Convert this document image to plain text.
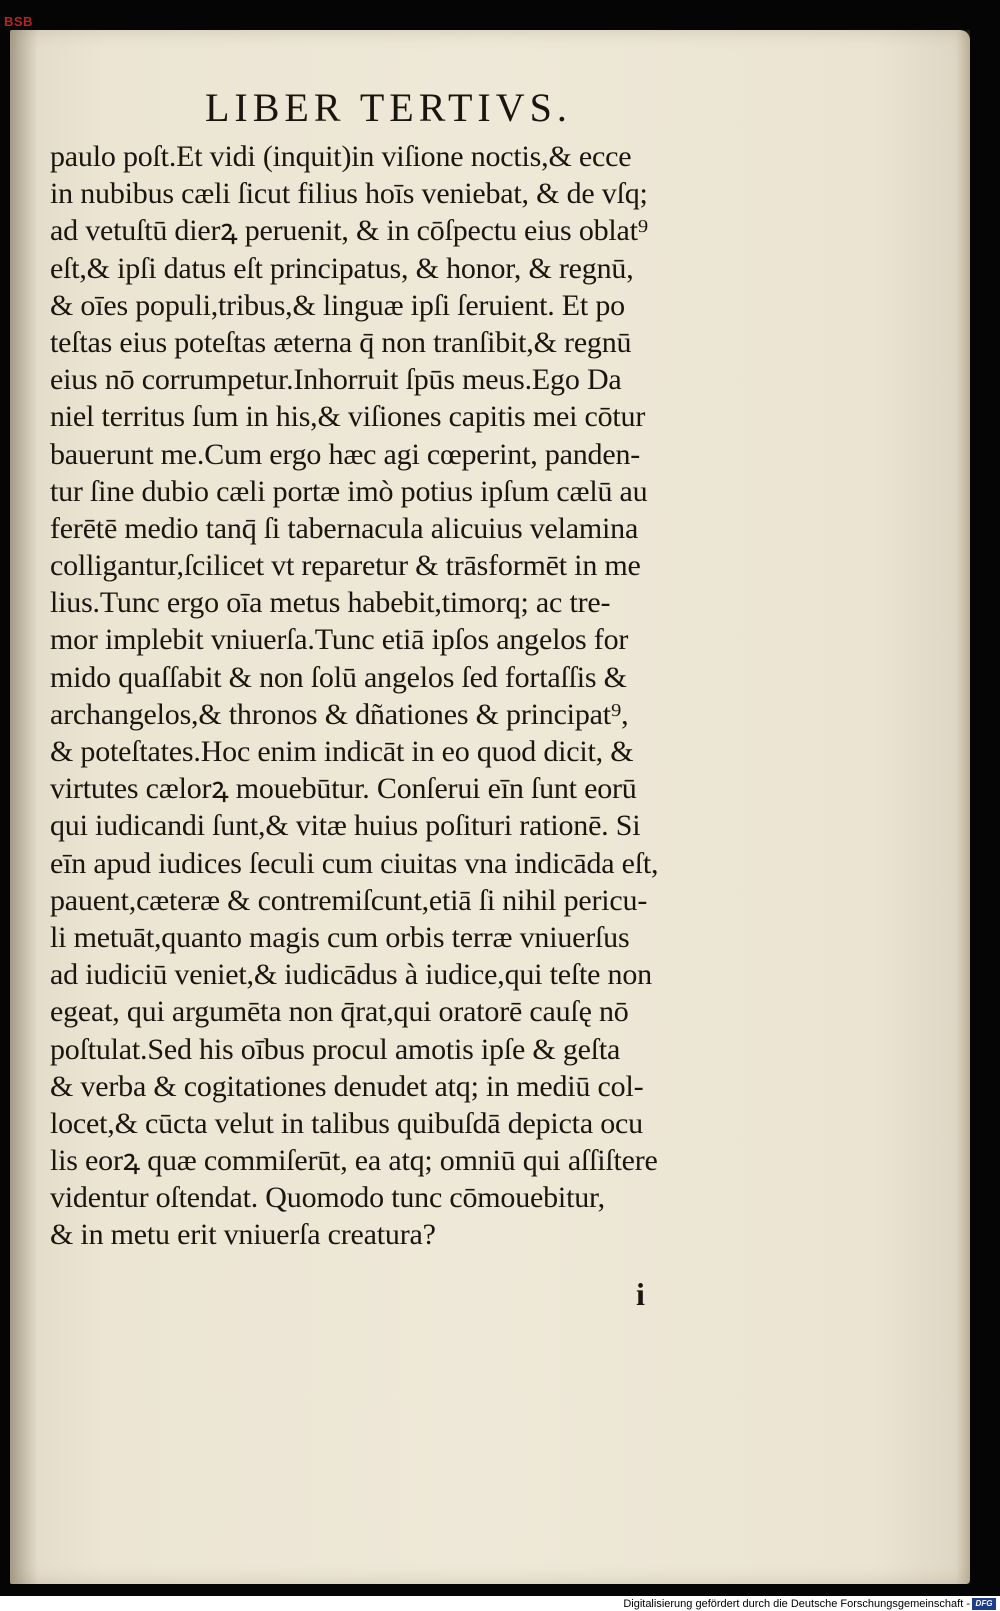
BSB
LIBER TERTIVS.
paulo poſt.Et vidi (inquit)in viſione noctis,& ecce
in nubibus cæli ſicut filius hoīs veniebat, & de vſq;
ad vetuſtū dierꝝ peruenit, & in cōſpectu eius oblat⁹
eſt,& ipſi datus eſt principatus, & honor, & regnū,
& oīes populi,tribus,& linguæ ipſi ſeruient. Et po
teſtas eius poteſtas æterna q̄ non tranſibit,& regnū
eius nō corrumpetur.Inhorruit ſpūs meus.Ego Da
niel territus ſum in his,& viſiones capitis mei cōtur
bauerunt me.Cum ergo hæc agi cœperint, panden-
tur ſine dubio cæli portæ imò potius ipſum cælū au
ferētē medio tanq̄ ſi tabernacula alicuius velamina
colligantur,ſcilicet vt reparetur & trāsformēt in me
lius.Tunc ergo oīa metus habebit,timorq; ac tre-
mor implebit vniuerſa.Tunc etiā ipſos angelos for
mido quaſſabit & non ſolū angelos ſed fortaſſis &
archangelos,& thronos & dñationes & principat⁹,
& poteſtates.Hoc enim indicāt in eo quod dicit, &
virtutes cælorꝝ mouebūtur. Conſerui eīn ſunt eorū
qui iudicandi ſunt,& vitæ huius poſituri rationē. Si
eīn apud iudices ſeculi cum ciuitas vna indicāda eſt,
pauent,cæteræ & contremiſcunt,etiā ſi nihil pericu-
li metuāt,quanto magis cum orbis terræ vniuerſus
ad iudiciū veniet,& iudicādus à iudice,qui teſte non
egeat, qui argumēta non q̄rat,qui oratorē cauſę nō
poſtulat.Sed his oībus procul amotis ipſe & geſta
& verba & cogitationes denudet atq; in mediū col-
locet,& cūcta velut in talibus quibuſdā depicta ocu
lis eorꝝ quæ commiſerūt, ea atq; omniū qui aſſiſtere
videntur oſtendat. Quomodo tunc cōmouebitur,
& in metu erit vniuerſa creatura?
i
Digitalisierung gefördert durch die Deutsche Forschungsgemeinschaft - DFG
